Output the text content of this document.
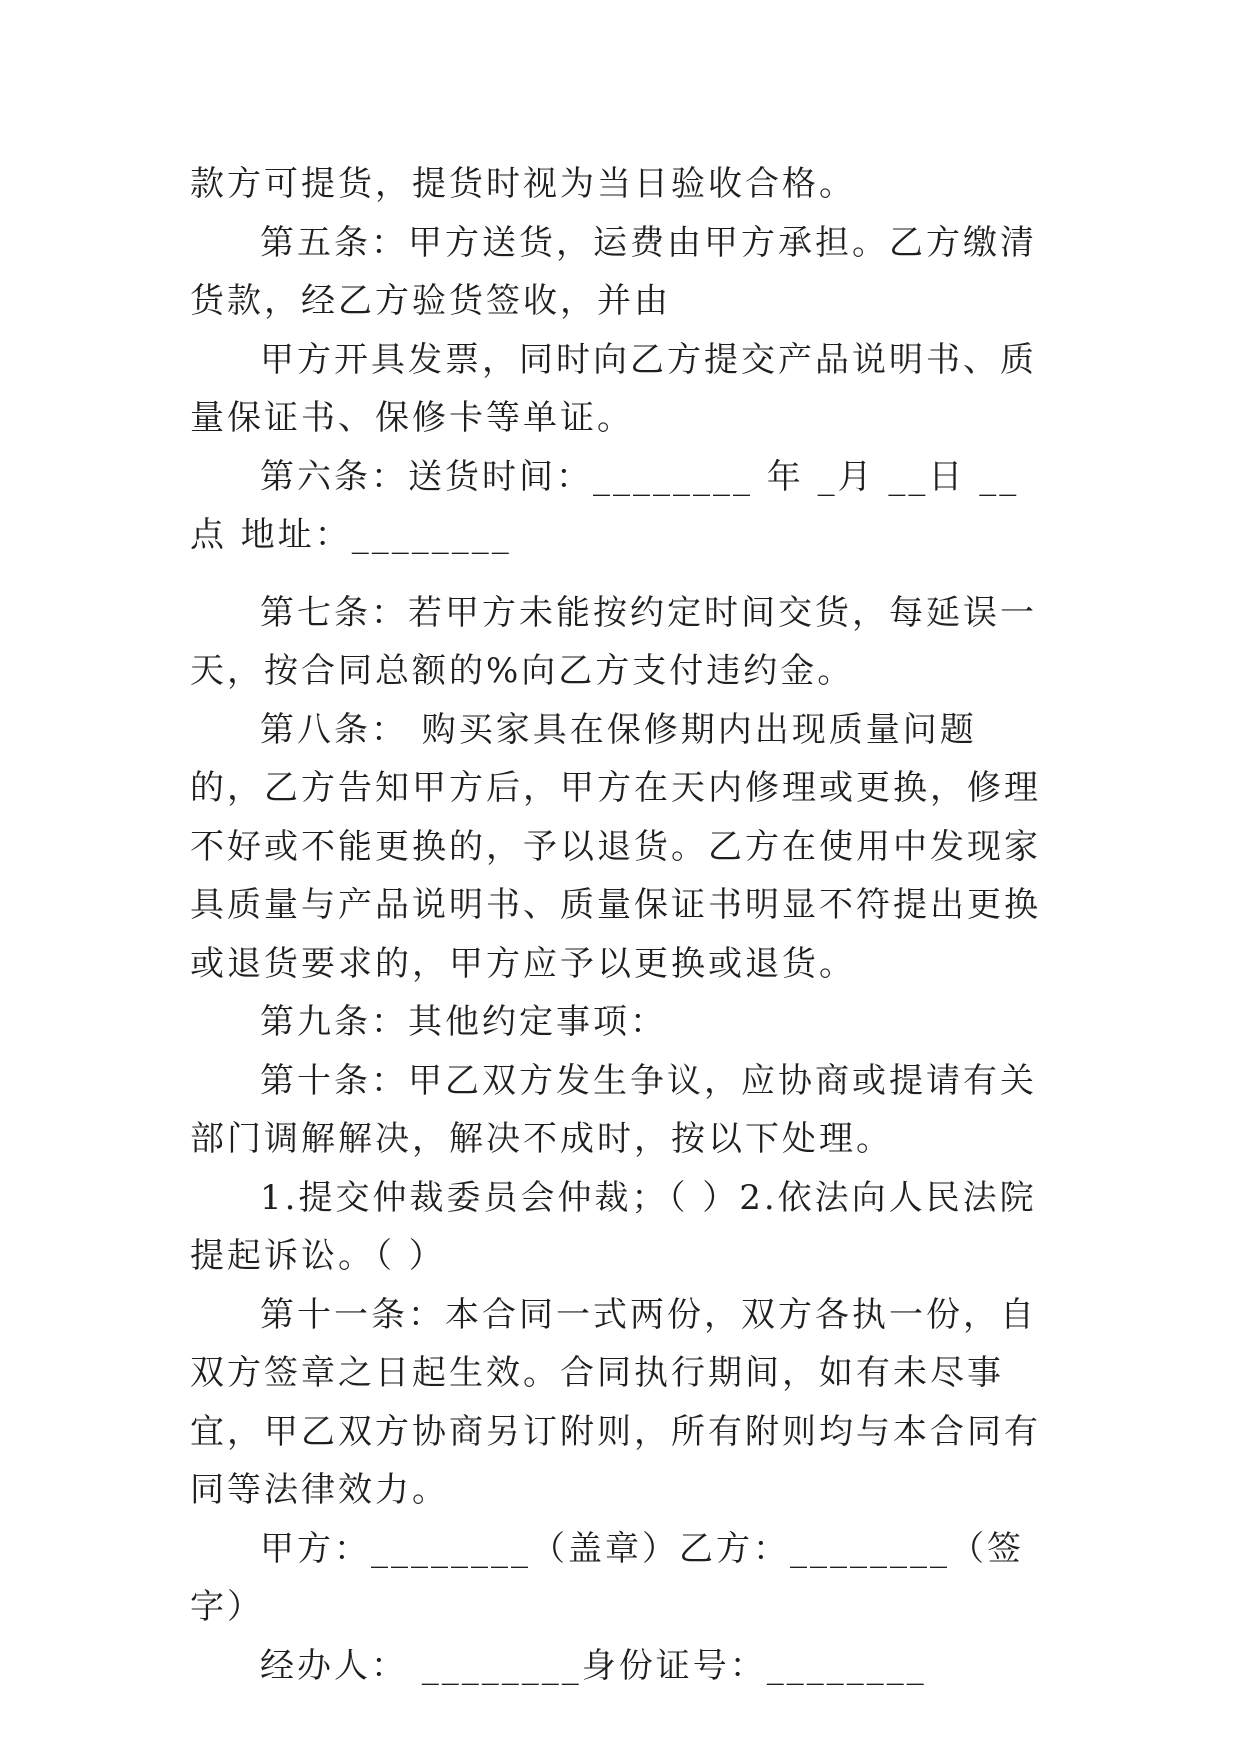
款方可提货，提货时视为当日验收合格。

第五条：甲方送货，运费由甲方承担。乙方缴清货款，经乙方验货签收，并由

甲方开具发票，同时向乙方提交产品说明书、质量保证书、保修卡等单证。

第六条：送货时间：________ 年 _月 __日 __点 地址：________

第七条：若甲方未能按约定时间交货，每延误一天，按合同总额的%向乙方支付违约金。

第八条： 购买家具在保修期内出现质量问题的，乙方告知甲方后，甲方在天内修理或更换，修理不好或不能更换的，予以退货。乙方在使用中发现家具质量与产品说明书、质量保证书明显不符提出更换或退货要求的，甲方应予以更换或退货。

第九条：其他约定事项：

第十条：甲乙双方发生争议，应协商或提请有关部门调解解决，解决不成时，按以下处理。

1.提交仲裁委员会仲裁；（ ）2.依法向人民法院提起诉讼。（ ）

第十一条：本合同一式两份，双方各执一份，自双方签章之日起生效。合同执行期间，如有未尽事宜，甲乙双方协商另订附则，所有附则均与本合同有同等法律效力。

甲方：________（盖章）乙方：________（签字）

经办人： ________身份证号：________
